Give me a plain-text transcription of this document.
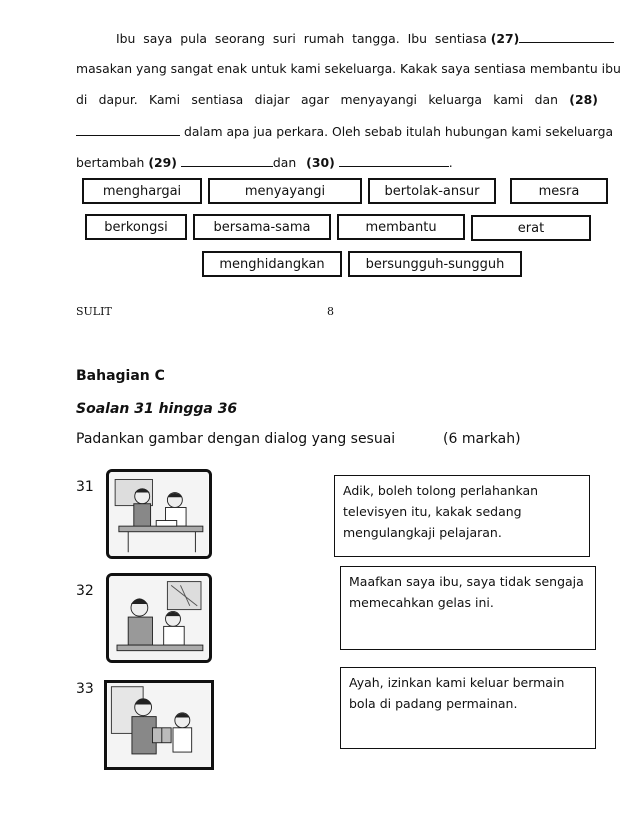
Ibu saya pula seorang suri rumah tangga. Ibu sentiasa (27)
masakan yang sangat enak untuk kami sekeluarga. Kakak saya sentiasa membantu ibu
di dapur. Kami sentiasa diajar agar menyayangi keluarga kami dan (28)
dalam apa jua perkara. Oleh sebab itulah hubungan kami sekeluarga
bertambah (29)	dan (30)	.
menghargai	menyayangi	bertolak-ansur	mesra
berkongsi	bersama-sama	membantu	erat
menghidangkan	bersungguh-sungguh
SULIT	8
Bahagian C
Soalan 31 hingga 36
Padankan gambar dengan dialog yang sesuai	(6 markah)
31	Adik, boleh tolong perlahankan
televisyen itu, kakak sedang
mengulangkaji pelajaran.
32
Maafkan saya ibu, saya tidak sengaja
memecahkan gelas ini.
33	Ayah, izinkan kami keluar bermain
bola di padang permainan.
